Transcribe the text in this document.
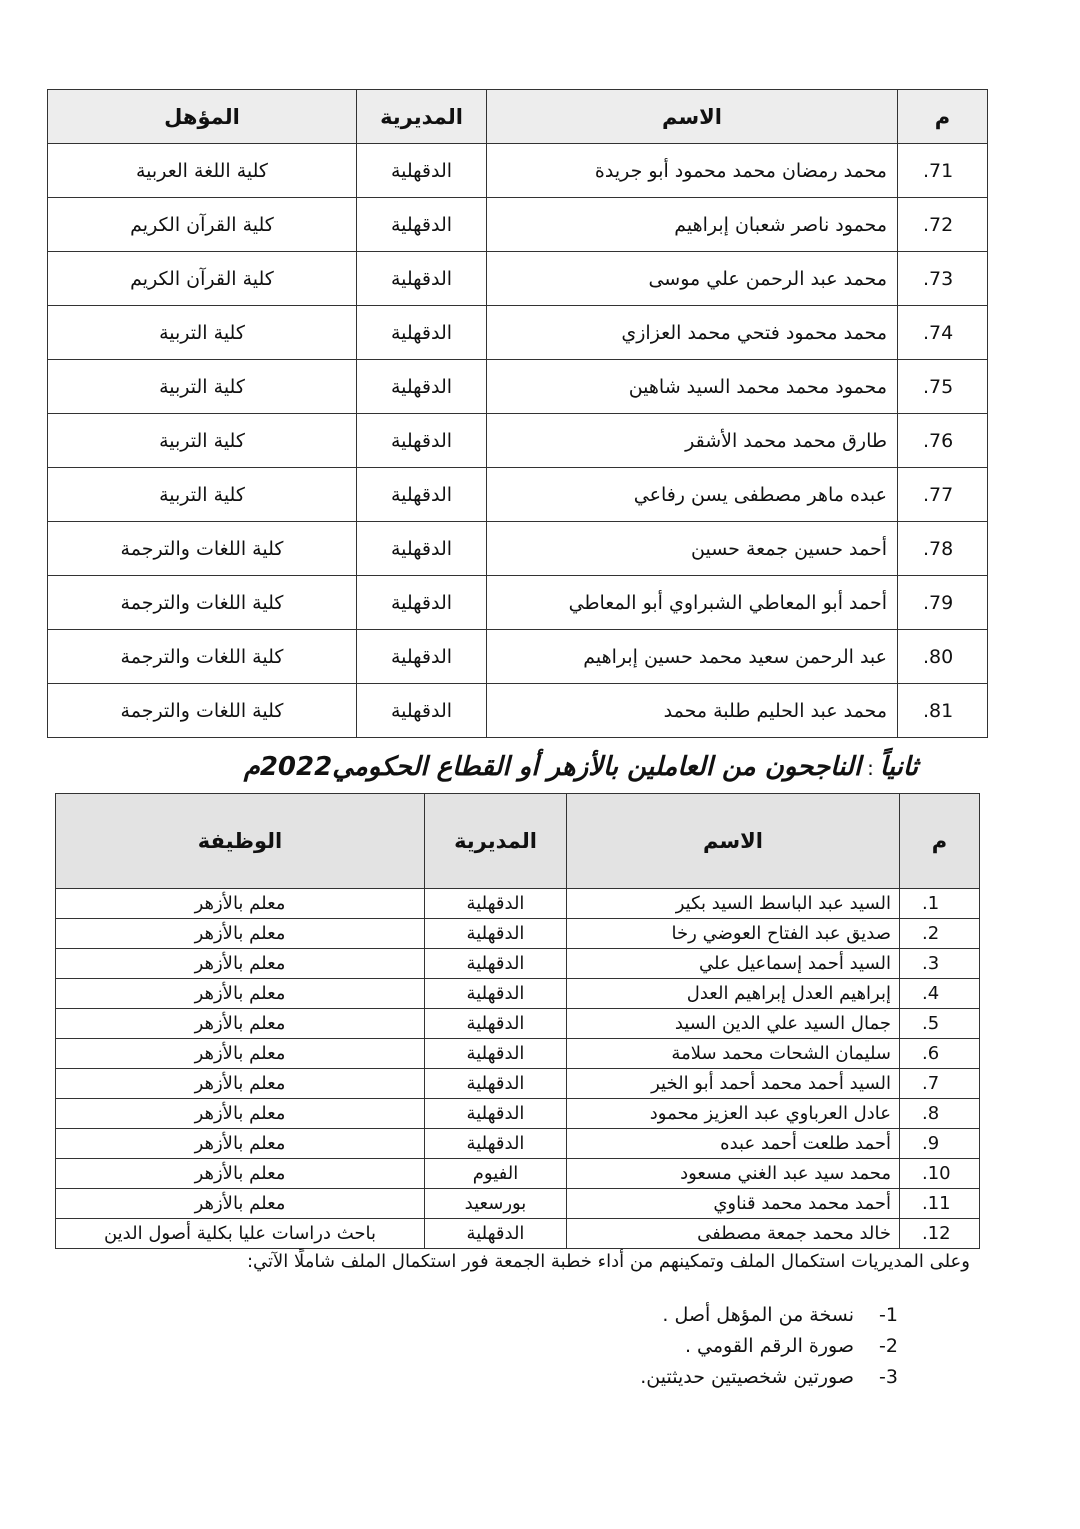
م	الاسم	المديرية	المؤهل
71.	محمد رمضان محمد محمود أبو جريدة	الدقهلية	كلية اللغة العربية
72.	محمود ناصر شعبان إبراهيم	الدقهلية	كلية القرآن الكريم
73.	محمد عبد الرحمن علي موسى	الدقهلية	كلية القرآن الكريم
74.	محمد محمود فتحي محمد العزازي	الدقهلية	كلية التربية
75.	محمود محمد محمد السيد شاهين	الدقهلية	كلية التربية
76.	طارق محمد محمد الأشقر	الدقهلية	كلية التربية
77.	عبده ماهر مصطفى يسن رفاعي	الدقهلية	كلية التربية
78.	أحمد حسين جمعة حسين	الدقهلية	كلية اللغات والترجمة
79.	أحمد أبو المعاطي الشبراوي أبو المعاطي	الدقهلية	كلية اللغات والترجمة
80.	عبد الرحمن سعيد محمد حسين إبراهيم	الدقهلية	كلية اللغات والترجمة
81.	محمد عبد الحليم طلبة محمد	الدقهلية	كلية اللغات والترجمة
ثانياً:الناجحون من العاملين بالأزهر أو القطاع الحكومي2022م
م	الاسم	المديرية	الوظيفة
1.	السيد عبد الباسط السيد بكير	الدقهلية	معلم بالأزهر
2.	صديق عبد الفتاح العوضي رخا	الدقهلية	معلم بالأزهر
3.	السيد أحمد إسماعيل علي	الدقهلية	معلم بالأزهر
4.	إبراهيم العدل إبراهيم العدل	الدقهلية	معلم بالأزهر
5.	جمال السيد علي الدين السيد	الدقهلية	معلم بالأزهر
6.	سليمان الشحات محمد سلامة	الدقهلية	معلم بالأزهر
7.	السيد أحمد محمد أحمد أبو الخير	الدقهلية	معلم بالأزهر
8.	عادل العرباوي عبد العزيز محمود	الدقهلية	معلم بالأزهر
9.	أحمد طلعت أحمد عبده	الدقهلية	معلم بالأزهر
10.	محمد سيد عبد الغني مسعود	الفيوم	معلم بالأزهر
11.	أحمد محمد محمد قناوي	بورسعيد	معلم بالأزهر
12.	خالد محمد جمعة مصطفى	الدقهلية	باحث دراسات عليا بكلية أصول الدين
وعلى المديريات استكمال الملف وتمكينهم من أداء خطبة الجمعة فور استكمال الملف شاملًا الآتي:
1-نسخة من المؤهل أصل .
2-صورة الرقم القومي .
3-صورتين شخصيتين حديثتين.
